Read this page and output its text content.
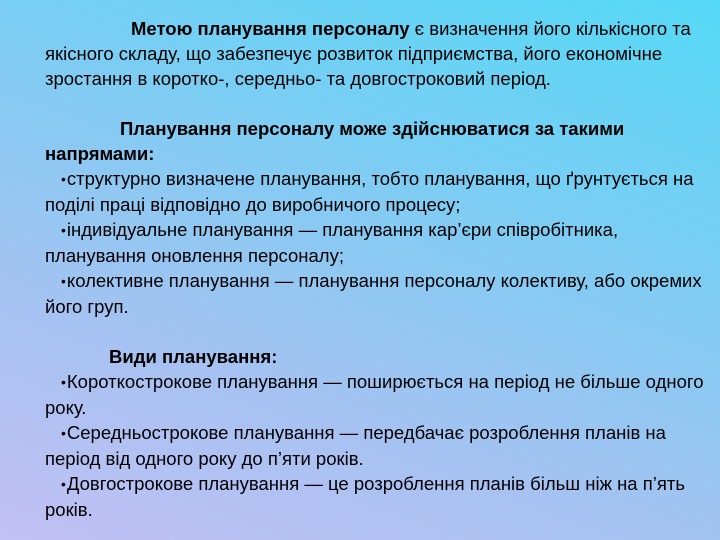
Метою планування персоналу є визначення його кількісного та якісного складу, що забезпечує розвиток підприємства, його економічне зростання в коротко-, середньо- та довгостроковий період.

Планування персоналу може здійснюватися за такими напрямами:

•структурно визначене планування, тобто планування, що ґрунтується на поділі праці відповідно до виробничого процесу;

•індивідуальне планування — планування кар’єри співробітника, планування оновлення персоналу;

•колективне планування — планування персоналу колективу, або окремих його груп.

Види планування:

•Короткострокове планування — поширюється на період не більше одного року.

•Середньострокове планування — передбачає розроблення планів на період від одного року до п’яти років.

•Довгострокове планування — це розроблення планів більш ніж на п’ять років.
